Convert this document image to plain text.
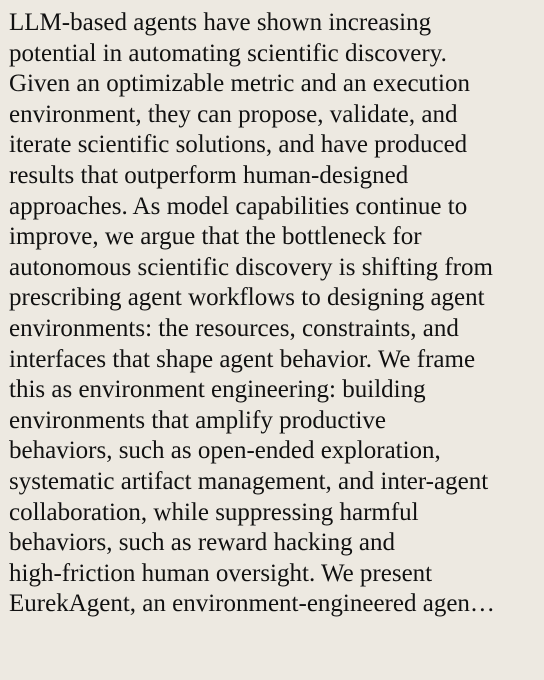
LLM-based agents have shown increasing
potential in automating scientific discovery.
Given an optimizable metric and an execution
environment, they can propose, validate, and
iterate scientific solutions, and have produced
results that outperform human-designed
approaches. As model capabilities continue to
improve, we argue that the bottleneck for
autonomous scientific discovery is shifting from
prescribing agent workflows to designing agent
environments: the resources, constraints, and
interfaces that shape agent behavior. We frame
this as environment engineering: building
environments that amplify productive
behaviors, such as open-ended exploration,
systematic artifact management, and inter-agent
collaboration, while suppressing harmful
behaviors, such as reward hacking and
high-friction human oversight. We present
EurekAgent, an environment-engineered agen…
